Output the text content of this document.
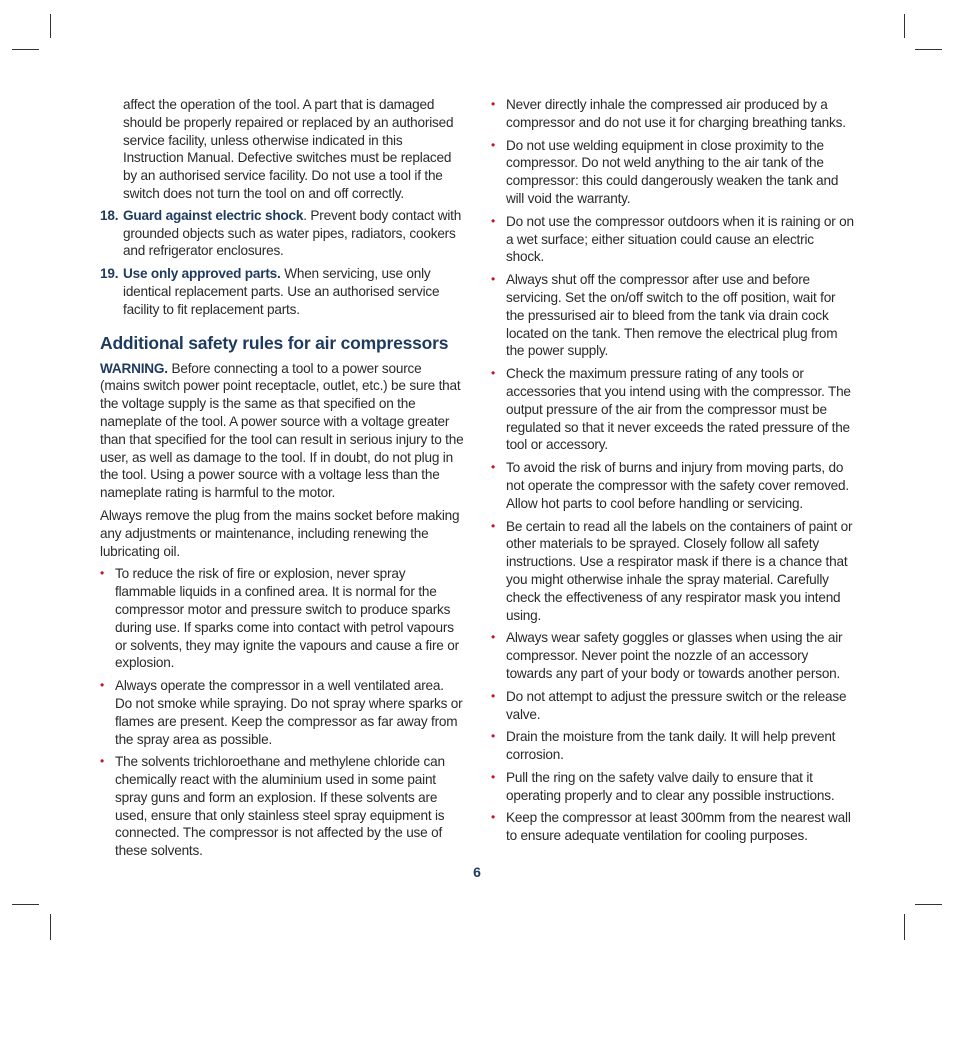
affect the operation of the tool. A part that is damaged should be properly repaired or replaced by an authorised service facility, unless otherwise indicated in this Instruction Manual. Defective switches must be replaced by an authorised service facility. Do not use a tool if the switch does not turn the tool on and off correctly.

18. Guard against electric shock. Prevent body contact with grounded objects such as water pipes, radiators, cookers and refrigerator enclosures.
19. Use only approved parts. When servicing, use only identical replacement parts. Use an authorised service facility to fit replacement parts.
Additional safety rules for air compressors

WARNING. Before connecting a tool to a power source (mains switch power point receptacle, outlet, etc.) be sure that the voltage supply is the same as that specified on the nameplate of the tool. A power source with a voltage greater than that specified for the tool can result in serious injury to the user, as well as damage to the tool. If in doubt, do not plug in the tool. Using a power source with a voltage less than the nameplate rating is harmful to the motor.

Always remove the plug from the mains socket before making any adjustments or maintenance, including renewing the lubricating oil.

• To reduce the risk of fire or explosion, never spray flammable liquids in a confined area. It is normal for the compressor motor and pressure switch to produce sparks during use. If sparks come into contact with petrol vapours or solvents, they may ignite the vapours and cause a fire or explosion.
• Always operate the compressor in a well ventilated area. Do not smoke while spraying. Do not spray where sparks or flames are present. Keep the compressor as far away from the spray area as possible.
• The solvents trichloroethane and methylene chloride can chemically react with the aluminium used in some paint spray guns and form an explosion. If these solvents are used, ensure that only stainless steel spray equipment is connected. The compressor is not affected by the use of these solvents.
• Never directly inhale the compressed air produced by a compressor and do not use it for charging breathing tanks.
• Do not use welding equipment in close proximity to the compressor. Do not weld anything to the air tank of the compressor: this could dangerously weaken the tank and will void the warranty.
• Do not use the compressor outdoors when it is raining or on a wet surface; either situation could cause an electric shock.
• Always shut off the compressor after use and before servicing. Set the on/off switch to the off position, wait for the pressurised air to bleed from the tank via drain cock located on the tank. Then remove the electrical plug from the power supply.
• Check the maximum pressure rating of any tools or accessories that you intend using with the compressor. The output pressure of the air from the compressor must be regulated so that it never exceeds the rated pressure of the tool or accessory.
• To avoid the risk of burns and injury from moving parts, do not operate the compressor with the safety cover removed. Allow hot parts to cool before handling or servicing.
• Be certain to read all the labels on the containers of paint or other materials to be sprayed. Closely follow all safety instructions. Use a respirator mask if there is a chance that you might otherwise inhale the spray material. Carefully check the effectiveness of any respirator mask you intend using.
• Always wear safety goggles or glasses when using the air compressor. Never point the nozzle of an accessory towards any part of your body or towards another person.
• Do not attempt to adjust the pressure switch or the release valve.
• Drain the moisture from the tank daily. It will help prevent corrosion.
• Pull the ring on the safety valve daily to ensure that it operating properly and to clear any possible instructions.
• Keep the compressor at least 300mm from the nearest wall to ensure adequate ventilation for cooling purposes.
6
